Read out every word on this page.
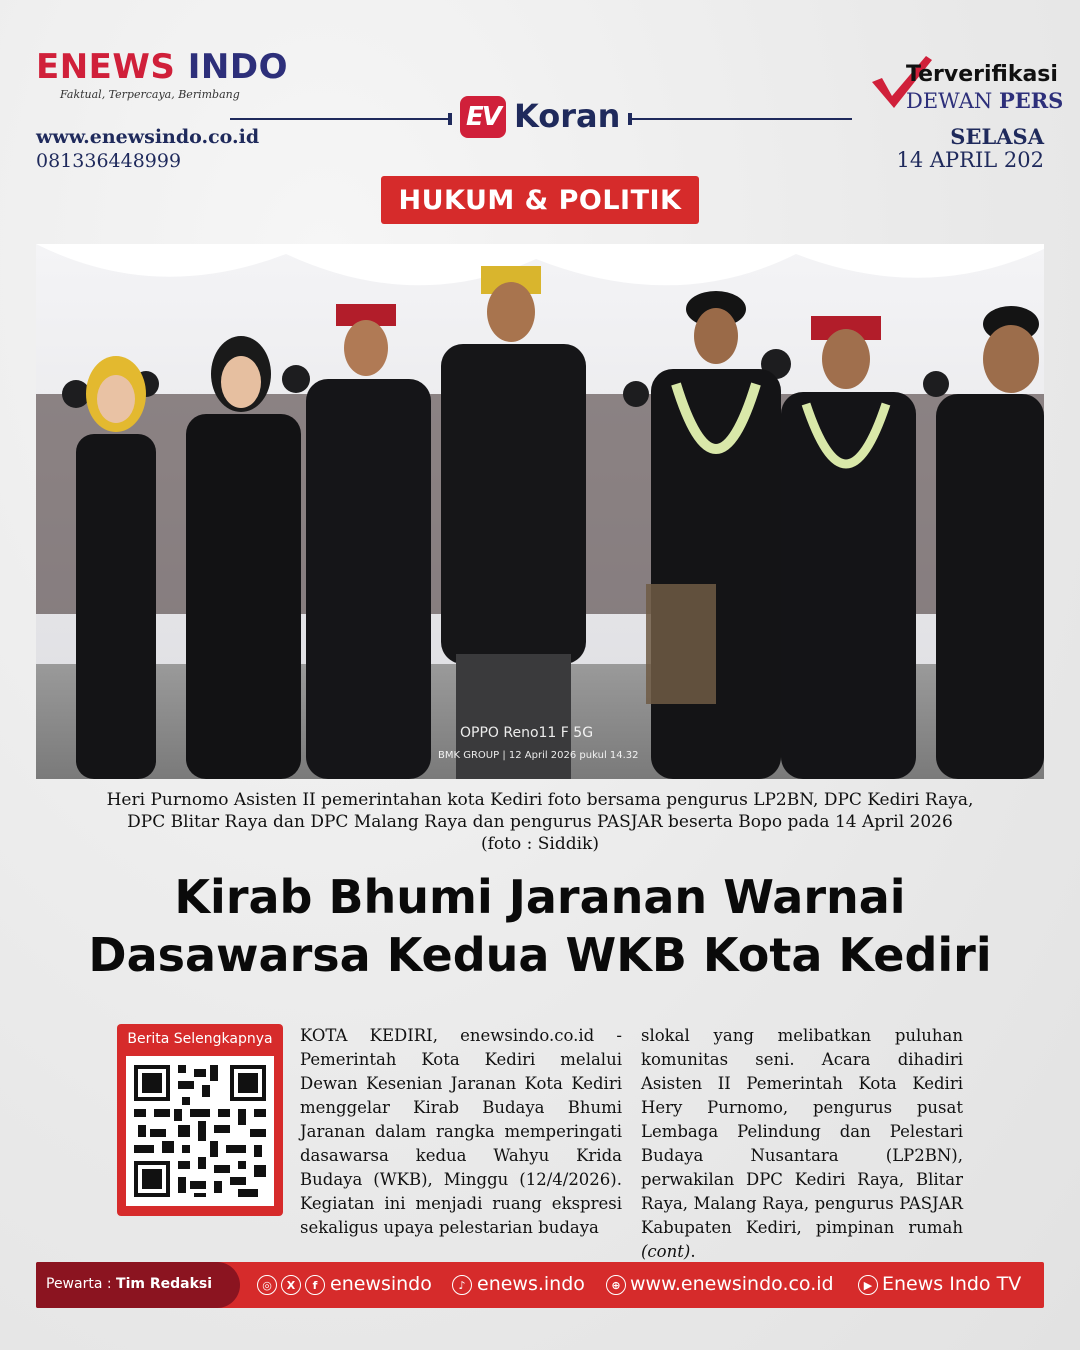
ENEWS INDO
Faktual, Terpercaya, Berimbang
www.enewsindo.co.id
081336448999
EV Koran
Terverifikasi
DEWAN PERS
SELASA
14 APRIL 202
HUKUM & POLITIK
OPPO Reno11 F 5G
BMK GROUP | 12 April 2026 pukul 14.32
Heri Purnomo Asisten II pemerintahan kota Kediri foto bersama pengurus LP2BN, DPC Kediri Raya,
DPC Blitar Raya dan DPC Malang Raya dan pengurus PASJAR beserta Bopo pada 14 April 2026
(foto : Siddik)
Kirab Bhumi Jaranan Warnai
Dasawarsa Kedua WKB Kota Kediri
Berita Selengkapnya	KOTA KEDIRI, enewsindo.co.id - Pemerintah Kota Kediri melalui Dewan Kesenian Jaranan Kota Kediri menggelar Kirab Budaya Bhumi Jaranan dalam rangka memperingati dasawarsa kedua Wahyu Krida Budaya (WKB), Minggu (12/4/2026). Kegiatan ini menjadi ruang ekspresi sekaligus upaya pelestarian budaya
slokal yang melibatkan puluhan komunitas seni. Acara dihadiri Asisten II Pemerintah Kota Kediri Hery Purnomo, pengurus pusat Lembaga Pelindung dan Pelestari Budaya Nusantara (LP2BN), perwakilan DPC Kediri Raya, Blitar Raya, Malang Raya, pengurus PASJAR Kabupaten Kediri, pimpinan rumah (cont).
Pewarta : Tim Redaksi	◎	X	f enewsindo	♪ enews.indo	⊕ www.enewsindo.co.id	▶ Enews Indo TV
